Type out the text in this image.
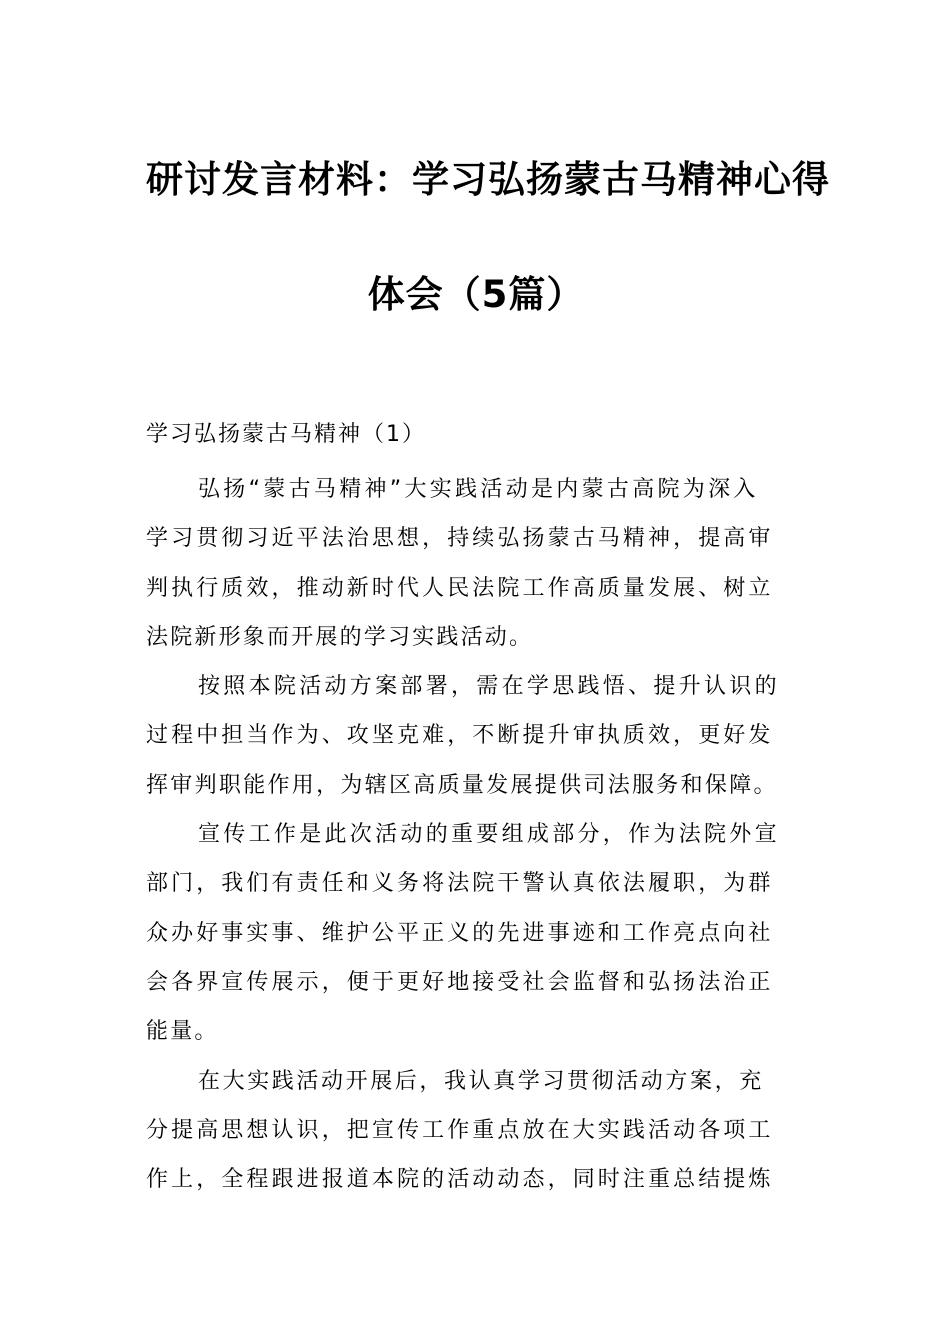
研讨发言材料：学习弘扬蒙古马精神心得
体会（5篇）
学习弘扬蒙古马精神（1）
弘扬“蒙古马精神”大实践活动是内蒙古高院为深入
学习贯彻习近平法治思想，持续弘扬蒙古马精神，提高审
判执行质效，推动新时代人民法院工作高质量发展、树立
法院新形象而开展的学习实践活动。
按照本院活动方案部署，需在学思践悟、提升认识的
过程中担当作为、攻坚克难，不断提升审执质效，更好发
挥审判职能作用，为辖区高质量发展提供司法服务和保障。
宣传工作是此次活动的重要组成部分，作为法院外宣
部门，我们有责任和义务将法院干警认真依法履职，为群
众办好事实事、维护公平正义的先进事迹和工作亮点向社
会各界宣传展示，便于更好地接受社会监督和弘扬法治正
能量。
在大实践活动开展后，我认真学习贯彻活动方案，充
分提高思想认识，把宣传工作重点放在大实践活动各项工
作上，全程跟进报道本院的活动动态，同时注重总结提炼
